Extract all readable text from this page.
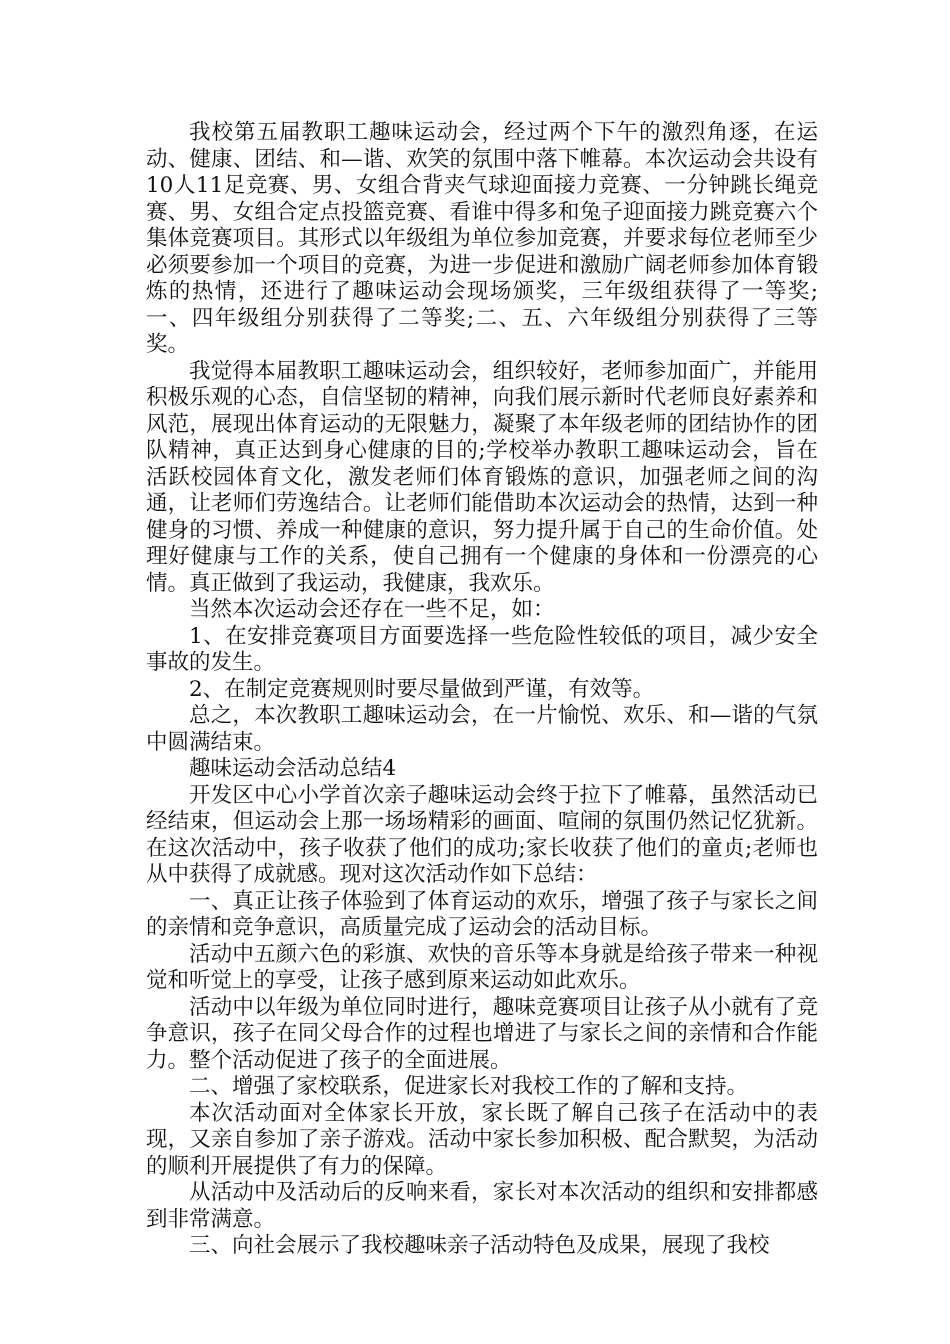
我校第五届教职工趣味运动会，经过两个下午的激烈角逐，在运动、健康、团结、和—谐、欢笑的氛围中落下帷幕。本次运动会共设有10人11足竞赛、男、女组合背夹气球迎面接力竞赛、一分钟跳长绳竞赛、男、女组合定点投篮竞赛、看谁中得多和兔子迎面接力跳竞赛六个集体竞赛项目。其形式以年级组为单位参加竞赛，并要求每位老师至少必须要参加一个项目的竞赛，为进一步促进和激励广阔老师参加体育锻炼的热情，还进行了趣味运动会现场颁奖，三年级组获得了一等奖;一、四年级组分别获得了二等奖;二、五、六年级组分别获得了三等奖。

我觉得本届教职工趣味运动会，组织较好，老师参加面广，并能用积极乐观的心态，自信坚韧的精神，向我们展示新时代老师良好素养和风范，展现出体育运动的无限魅力，凝聚了本年级老师的团结协作的团队精神，真正达到身心健康的目的;学校举办教职工趣味运动会，旨在活跃校园体育文化，激发老师们体育锻炼的意识，加强老师之间的沟通，让老师们劳逸结合。让老师们能借助本次运动会的热情，达到一种健身的习惯、养成一种健康的意识，努力提升属于自己的生命价值。处理好健康与工作的关系，使自己拥有一个健康的身体和一份漂亮的心情。真正做到了我运动，我健康，我欢乐。

当然本次运动会还存在一些不足，如：

1、在安排竞赛项目方面要选择一些危险性较低的项目，减少安全事故的发生。

2、在制定竞赛规则时要尽量做到严谨，有效等。

总之，本次教职工趣味运动会，在一片愉悦、欢乐、和—谐的气氛中圆满结束。

趣味运动会活动总结4

开发区中心小学首次亲子趣味运动会终于拉下了帷幕，虽然活动已经结束，但运动会上那一场场精彩的画面、喧闹的氛围仍然记忆犹新。在这次活动中，孩子收获了他们的成功;家长收获了他们的童贞;老师也从中获得了成就感。现对这次活动作如下总结：

一、真正让孩子体验到了体育运动的欢乐，增强了孩子与家长之间的亲情和竞争意识，高质量完成了运动会的活动目标。

活动中五颜六色的彩旗、欢快的音乐等本身就是给孩子带来一种视觉和听觉上的享受，让孩子感到原来运动如此欢乐。

活动中以年级为单位同时进行，趣味竞赛项目让孩子从小就有了竞争意识，孩子在同父母合作的过程也增进了与家长之间的亲情和合作能力。整个活动促进了孩子的全面进展。

二、增强了家校联系，促进家长对我校工作的了解和支持。

本次活动面对全体家长开放，家长既了解自己孩子在活动中的表现，又亲自参加了亲子游戏。活动中家长参加积极、配合默契，为活动的顺利开展提供了有力的保障。

从活动中及活动后的反响来看，家长对本次活动的组织和安排都感到非常满意。

三、向社会展示了我校趣味亲子活动特色及成果，展现了我校
